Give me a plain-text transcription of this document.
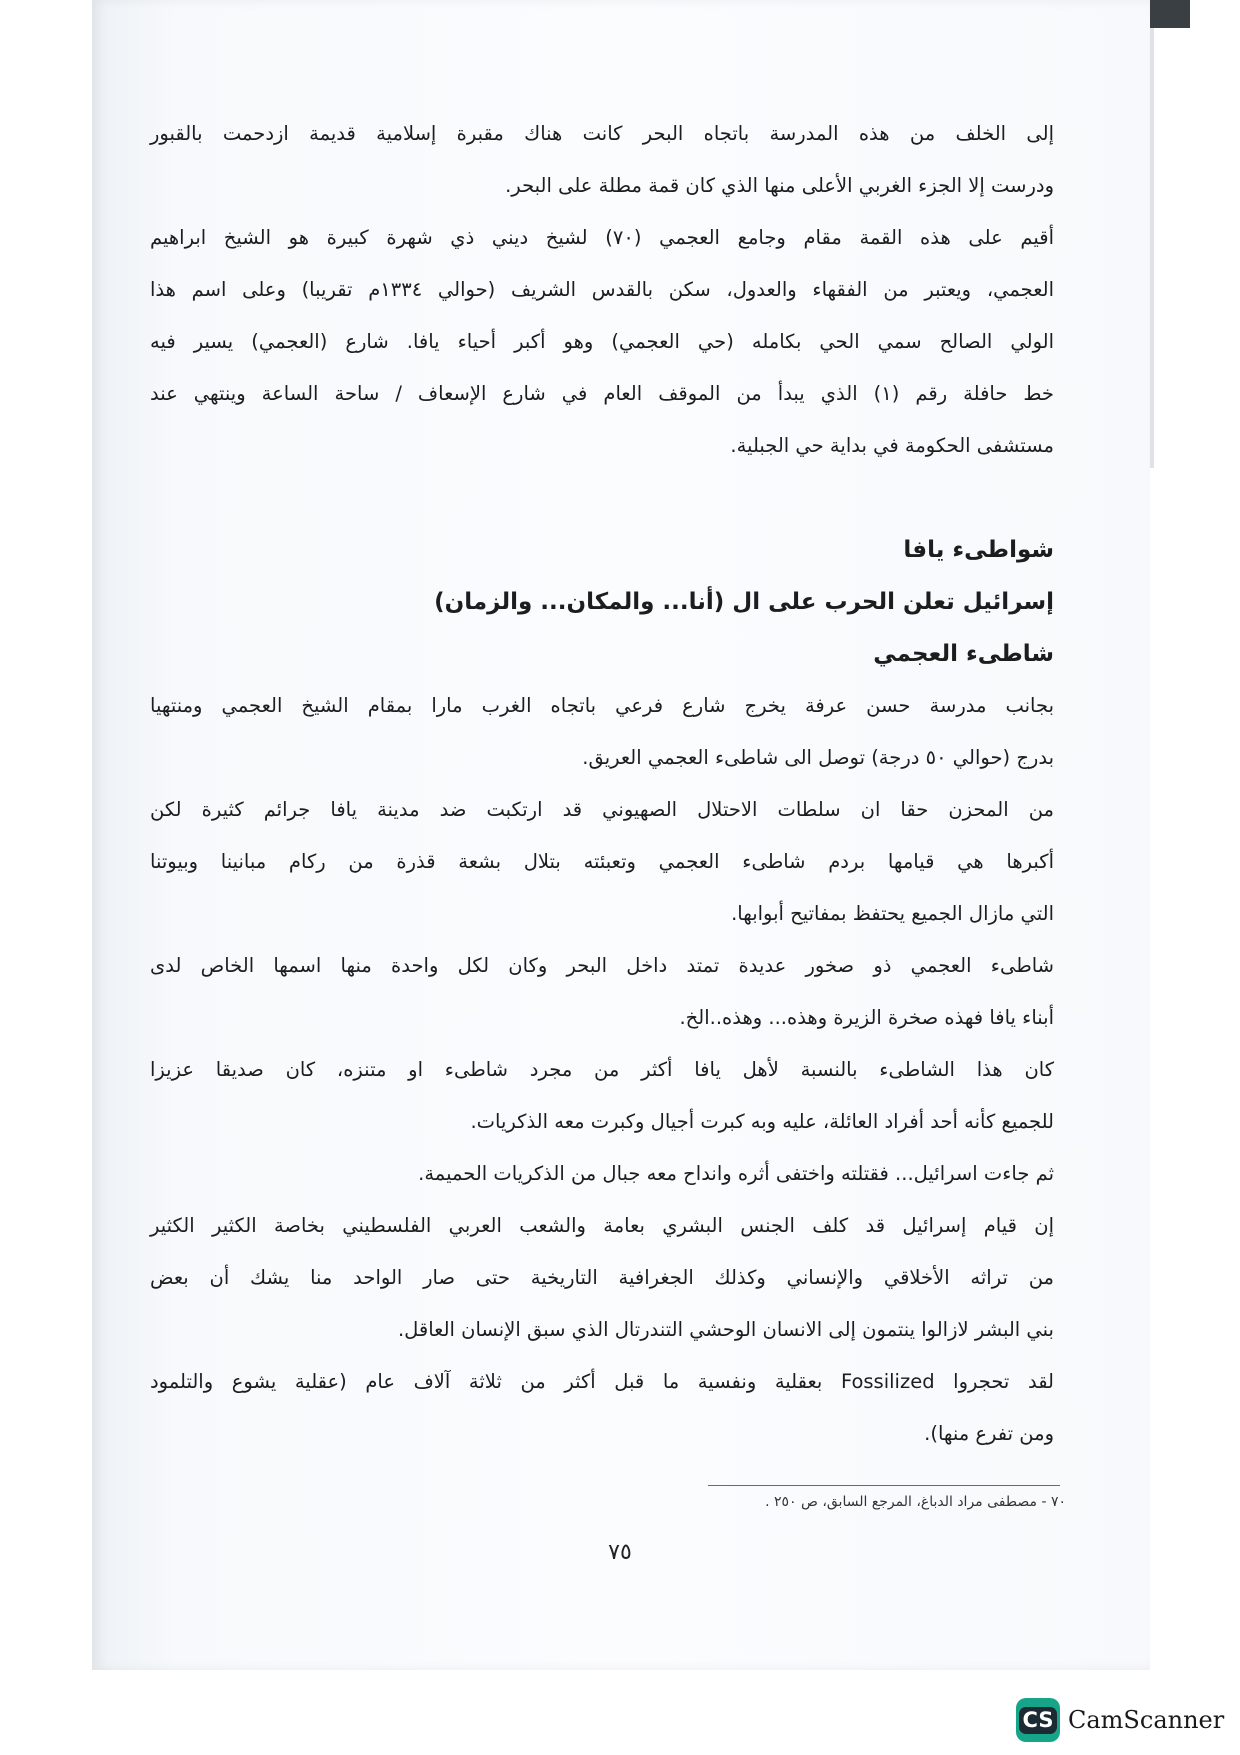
إلى الخلف من هذه المدرسة باتجاه البحر كانت هناك مقبرة إسلامية قديمة ازدحمت بالقبور
ودرست إلا الجزء الغربي الأعلى منها الذي كان قمة مطلة على البحر.
أقيم على هذه القمة مقام وجامع العجمي (٧٠) لشيخ ديني ذي شهرة كبيرة هو الشيخ ابراهيم
العجمي، ويعتبر من الفقهاء والعدول، سكن بالقدس الشريف (حوالي ١٣٣٤م تقريبا) وعلى اسم هذا
الولي الصالح سمي الحي بكامله (حي العجمي) وهو أكبر أحياء يافا. شارع (العجمي) يسير فيه
خط حافلة رقم (١) الذي يبدأ من الموقف العام في شارع الإسعاف / ساحة الساعة وينتهي عند
مستشفى الحكومة في بداية حي الجبلية.
شواطىء يافا
إسرائيل تعلن الحرب على ال (أنا... والمكان... والزمان)
شاطىء العجمي
بجانب مدرسة حسن عرفة يخرج شارع فرعي باتجاه الغرب مارا بمقام الشيخ العجمي ومنتهيا
بدرج (حوالي ٥٠ درجة) توصل الى شاطىء العجمي العريق.
من المحزن حقا ان سلطات الاحتلال الصهيوني قد ارتكبت ضد مدينة يافا جرائم كثيرة لكن
أكبرها هي قيامها بردم شاطىء العجمي وتعبئته بتلال بشعة قذرة من ركام مبانينا وبيوتنا
التي مازال الجميع يحتفظ بمفاتيح أبوابها.
شاطىء العجمي ذو صخور عديدة تمتد داخل البحر وكان لكل واحدة منها اسمها الخاص لدى
أبناء يافا فهذه صخرة الزيرة وهذه... وهذه..الخ.
كان هذا الشاطىء بالنسبة لأهل يافا أكثر من مجرد شاطىء او متنزه، كان صديقا عزيزا
للجميع كأنه أحد أفراد العائلة، عليه وبه كبرت أجيال وكبرت معه الذكريات.
ثم جاءت اسرائيل... فقتلته واختفى أثره وانداح معه جبال من الذكريات الحميمة.
إن قيام إسرائيل قد كلف الجنس البشري بعامة والشعب العربي الفلسطيني بخاصة الكثير الكثير
من تراثه الأخلاقي والإنساني وكذلك الجغرافية التاريخية حتى صار الواحد منا يشك أن بعض
بني البشر لازالوا ينتمون إلى الانسان الوحشي التندرتال الذي سبق الإنسان العاقل.
لقد تحجروا Fossilized بعقلية ونفسية ما قبل أكثر من ثلاثة آلاف عام (عقلية يشوع والتلمود
ومن تفرع منها).
٧٠ - مصطفى مراد الدباغ، المرجع السابق، ص ٢٥٠ .
٧٥
CS CamScanner
